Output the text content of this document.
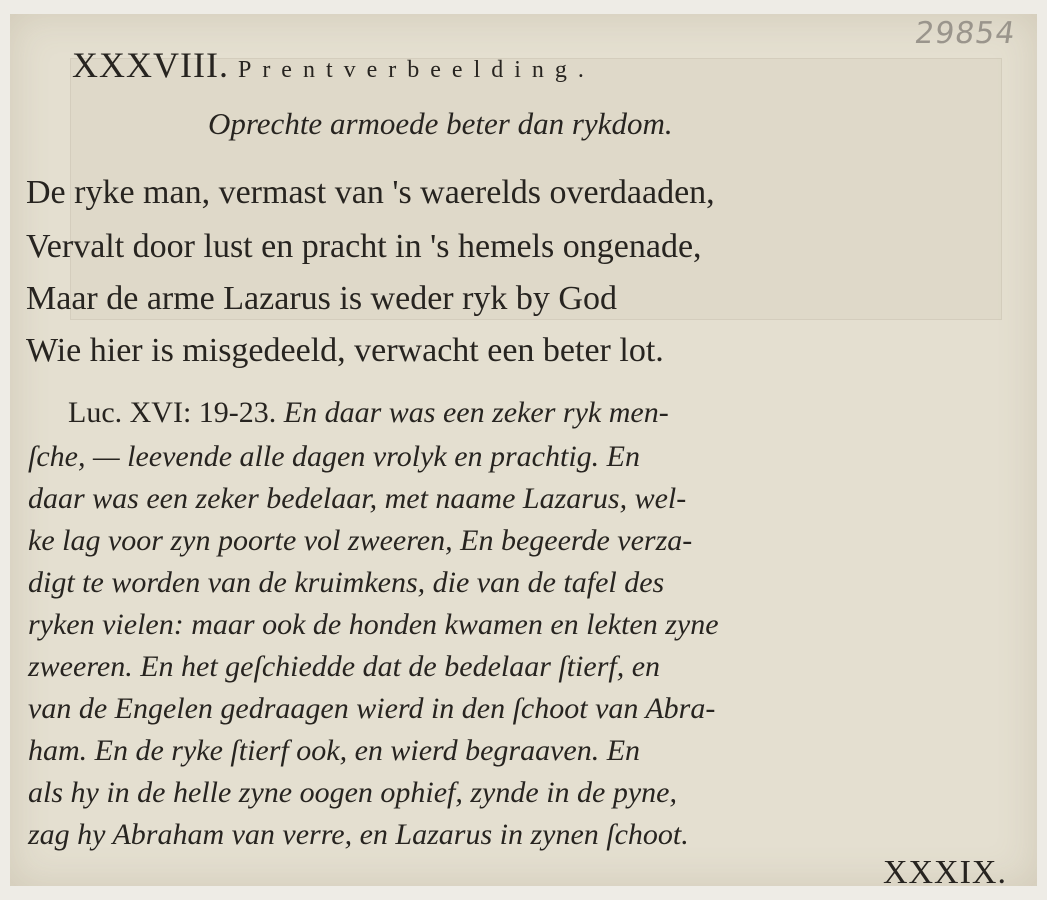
29854
XXXVIII. Prentverbeelding.
Oprechte armoede beter dan rykdom.
De ryke man, vermast van 's waerelds overdaaden,
Vervalt door lust en pracht in 's hemels ongenade,
Maar de arme Lazarus is weder ryk by God
Wie hier is misgedeeld, verwacht een beter lot.
Luc. XVI: 19-23. En daar was een zeker ryk men-
ſche, — leevende alle dagen vrolyk en prachtig. En
daar was een zeker bedelaar, met naame Lazarus, wel-
ke lag voor zyn poorte vol zweeren, En begeerde verza-
digt te worden van de kruimkens, die van de tafel des
ryken vielen: maar ook de honden kwamen en lekten zyne
zweeren. En het geſchiedde dat de bedelaar ſtierf, en
van de Engelen gedraagen wierd in den ſchoot van Abra-
ham. En de ryke ſtierf ook, en wierd begraaven. En
als hy in de helle zyne oogen ophief, zynde in de pyne,
zag hy Abraham van verre, en Lazarus in zynen ſchoot.
XXXIX.
